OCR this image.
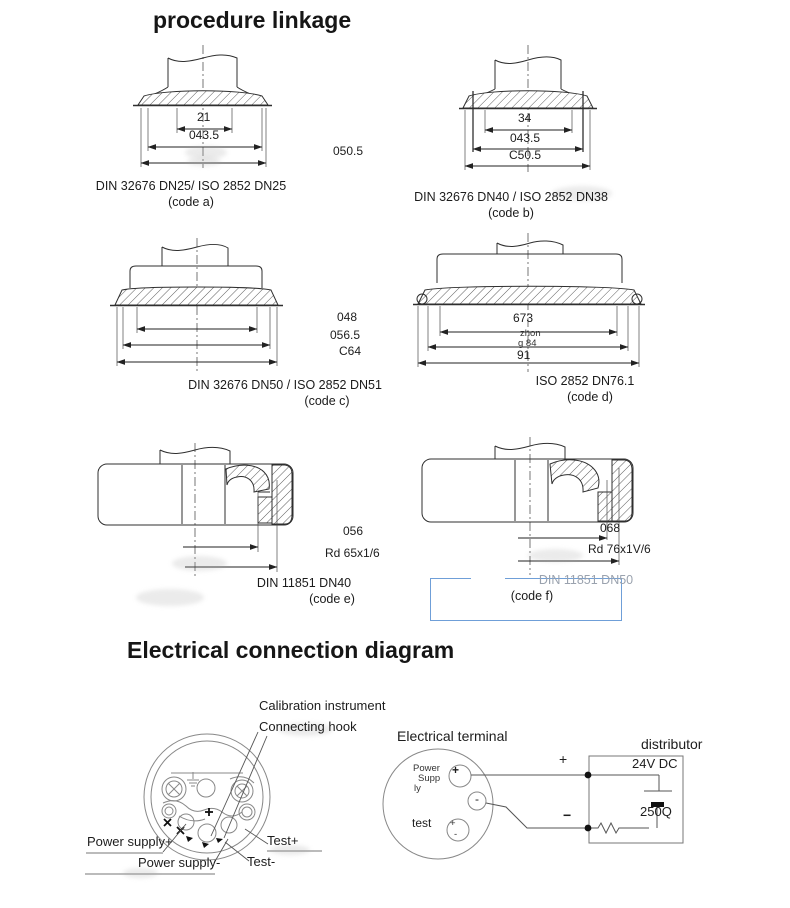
procedure linkage
Electrical connection diagram
21
043.5
050.5
34
043.5
C50.5
048
056.5
C64
673
zhon
g 84
91
056
Rd 65x1/6
068
Rd 76x1V/6
DIN 32676 DN25/ ISO 2852 DN25
(code a)	DIN 32676 DN40 / ISO 2852 DN38
(code b)
DIN 32676 DN50 / ISO 2852 DN51
(code c)
ISO 2852 DN76.1
(code d)
DIN 11851 DN40
(code e)
DIN 11851 DN50
(code f)
Calibration instrument
Connecting hook
Power supply+
Power supply- Test-
Test+
Electrical terminal
Power
Supp
ly
+
-
test +
-
+
−
distributor
24V DC
250Q
